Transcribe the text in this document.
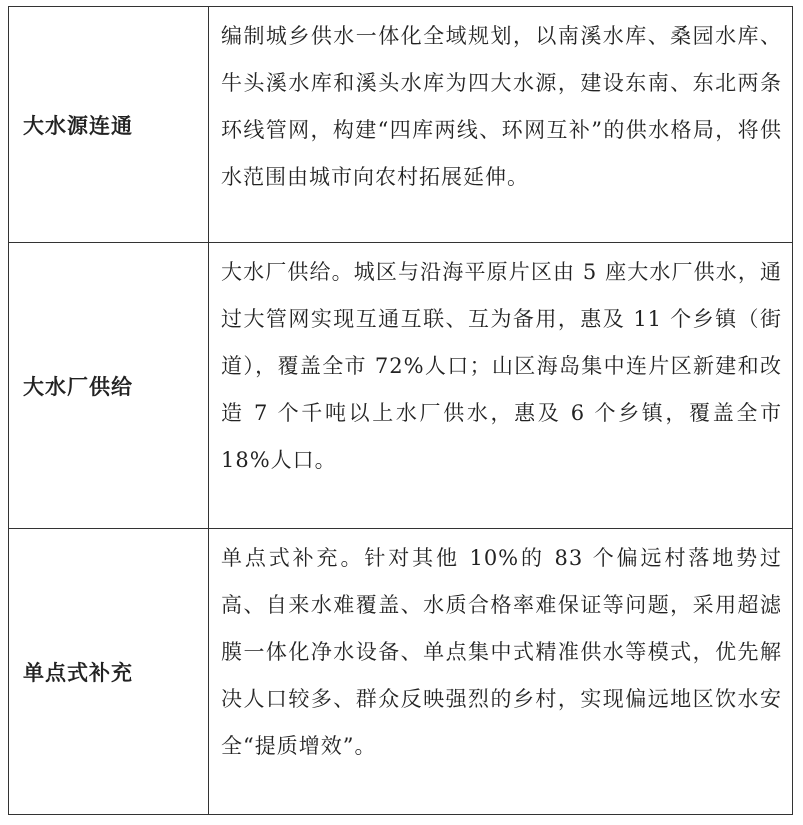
大水源连通	编制城乡供水一体化全域规划，以南溪水库、桑园水库、牛头溪水库和溪头水库为四大水源，建设东南、东北两条环线管网，构建“四库两线、环网互补”的供水格局，将供水范围由城市向农村拓展延伸。
大水厂供给	大水厂供给。城区与沿海平原片区由 5 座大水厂供水，通过大管网实现互通互联、互为备用，惠及 11 个乡镇（街道），覆盖全市 72%人口；山区海岛集中连片区新建和改造 7 个千吨以上水厂供水，惠及 6 个乡镇，覆盖全市 18%人口。
单点式补充	单点式补充。针对其他 10%的 83 个偏远村落地势过高、自来水难覆盖、水质合格率难保证等问题，采用超滤膜一体化净水设备、单点集中式精准供水等模式，优先解决人口较多、群众反映强烈的乡村，实现偏远地区饮水安全“提质增效”。
